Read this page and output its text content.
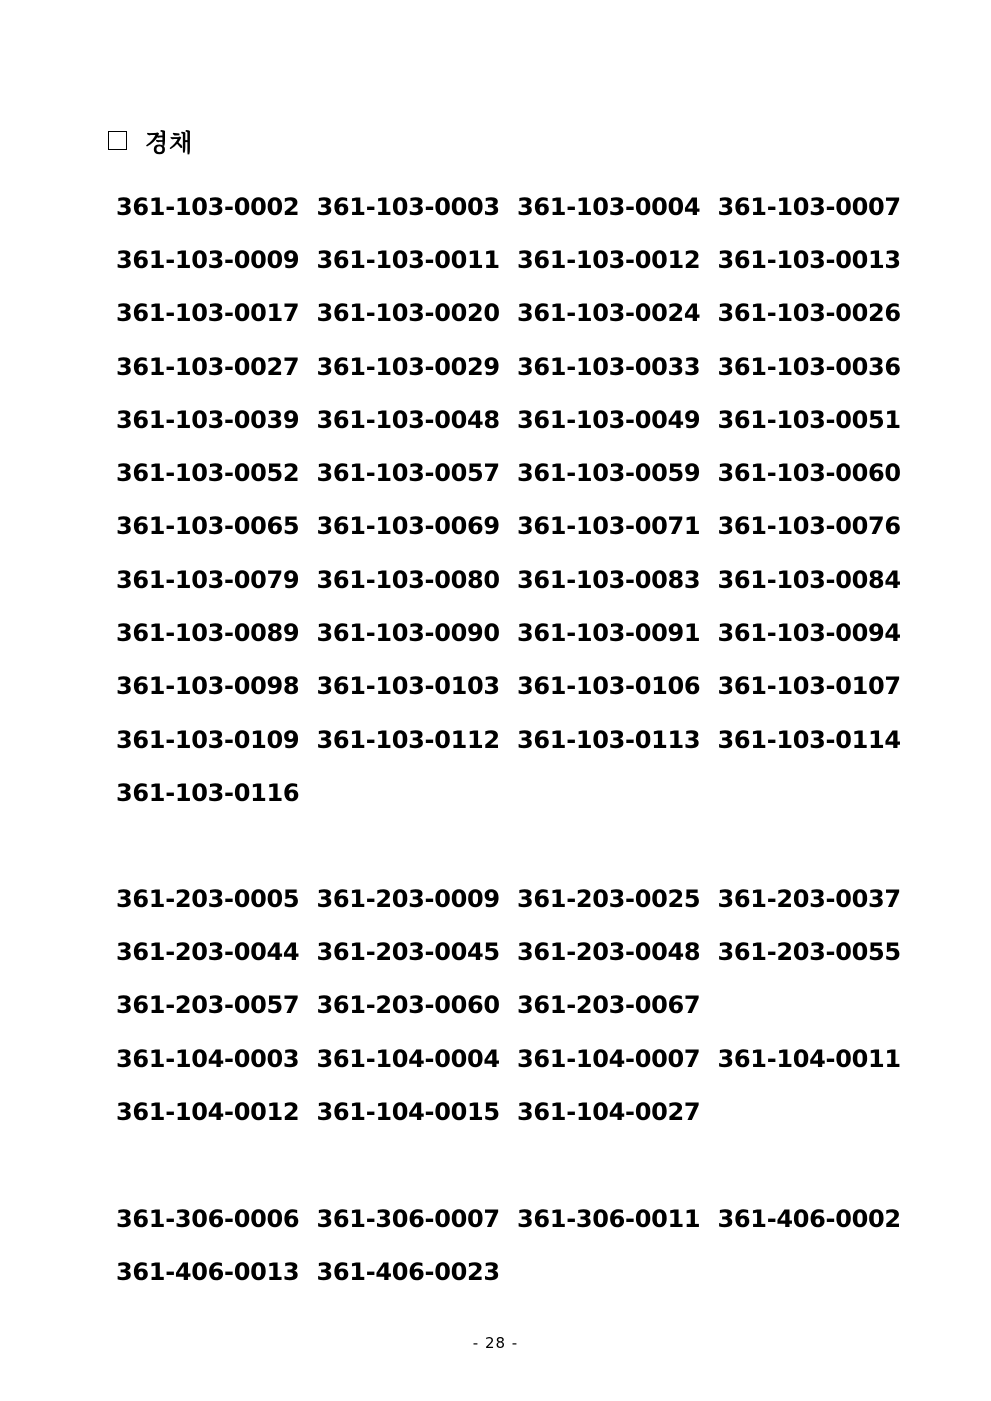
경채
361-103-0002 361-103-0003 361-103-0004 361-103-0007
361-103-0009 361-103-0011 361-103-0012 361-103-0013
361-103-0017 361-103-0020 361-103-0024 361-103-0026
361-103-0027 361-103-0029 361-103-0033 361-103-0036
361-103-0039 361-103-0048 361-103-0049 361-103-0051
361-103-0052 361-103-0057 361-103-0059 361-103-0060
361-103-0065 361-103-0069 361-103-0071 361-103-0076
361-103-0079 361-103-0080 361-103-0083 361-103-0084
361-103-0089 361-103-0090 361-103-0091 361-103-0094
361-103-0098 361-103-0103 361-103-0106 361-103-0107
361-103-0109 361-103-0112 361-103-0113 361-103-0114
361-103-0116
361-203-0005 361-203-0009 361-203-0025 361-203-0037
361-203-0044 361-203-0045 361-203-0048 361-203-0055
361-203-0057 361-203-0060 361-203-0067
361-104-0003 361-104-0004 361-104-0007 361-104-0011
361-104-0012 361-104-0015 361-104-0027
361-306-0006 361-306-0007 361-306-0011 361-406-0002
361-406-0013 361-406-0023
- 28 -
